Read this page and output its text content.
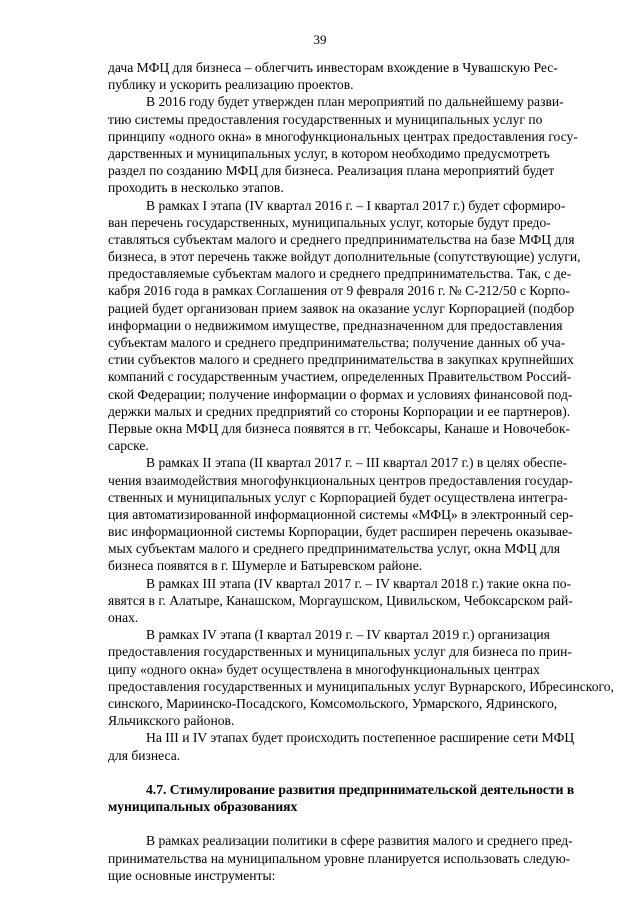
39
дача МФЦ для бизнеса – облегчить инвесторам вхождение в Чувашскую Рес-
публику и ускорить реализацию проектов.
В 2016 году будет утвержден план мероприятий по дальнейшему разви-
тию системы предоставления государственных и муниципальных услуг по
принципу «одного окна» в многофункциональных центрах предоставления госу-
дарственных и муниципальных услуг, в котором необходимо предусмотреть
раздел по созданию МФЦ для бизнеса. Реализация плана мероприятий будет
проходить в несколько этапов.
В рамках I этапа (IV квартал 2016 г. – I квартал 2017 г.) будет сформиро-
ван перечень государственных, муниципальных услуг, которые будут предо-
ставляться субъектам малого и среднего предпринимательства на базе МФЦ для
бизнеса, в этот перечень также войдут дополнительные (сопутствующие) услуги,
предоставляемые субъектам малого и среднего предпринимательства. Так, с де-
кабря 2016 года в рамках Соглашения от 9 февраля 2016 г. № С-212/50 с Корпо-
рацией будет организован прием заявок на оказание услуг Корпорацией (подбор
информации о недвижимом имуществе, предназначенном для предоставления
субъектам малого и среднего предпринимательства; получение данных об уча-
стии субъектов малого и среднего предпринимательства в закупках крупнейших
компаний с государственным участием, определенных Правительством Россий-
ской Федерации; получение информации о формах и условиях финансовой под-
держки малых и средних предприятий со стороны Корпорации и ее партнеров).
Первые окна МФЦ для бизнеса появятся в гг. Чебоксары, Канаше и Новочебок-
сарске.
В рамках II этапа (II квартал 2017 г. – III квартал 2017 г.) в целях обеспе-
чения взаимодействия многофункциональных центров предоставления государ-
ственных и муниципальных услуг с Корпорацией будет осуществлена интегра-
ция автоматизированной информационной системы «МФЦ» в электронный сер-
вис информационной системы Корпорации, будет расширен перечень оказывае-
мых субъектам малого и среднего предпринимательства услуг, окна МФЦ для
бизнеса появятся в г. Шумерле и Батыревском районе.
В рамках III этапа (IV квартал 2017 г. – IV квартал 2018 г.) такие окна по-
явятся в г. Алатыре, Канашском, Моргаушском, Цивильском, Чебоксарском рай-
онах.
В рамках IV этапа (I квартал 2019 г. – IV квартал 2019 г.) организация
предоставления государственных и муниципальных услуг для бизнеса по прин-
ципу «одного окна» будет осуществлена в многофункциональных центрах
предоставления государственных и муниципальных услуг Вурнарского, Ибресинского,
синского, Мариинско-Посадского, Комсомольского, Урмарского, Ядринского,
Яльчикского районов.
На III и IV этапах будет происходить постепенное расширение сети МФЦ
для бизнеса.
4.7. Стимулирование развития предпринимательской деятельности в
муниципальных образованиях
В рамках реализации политики в сфере развития малого и среднего пред-
принимательства на муниципальном уровне планируется использовать следую-
щие основные инструменты:
